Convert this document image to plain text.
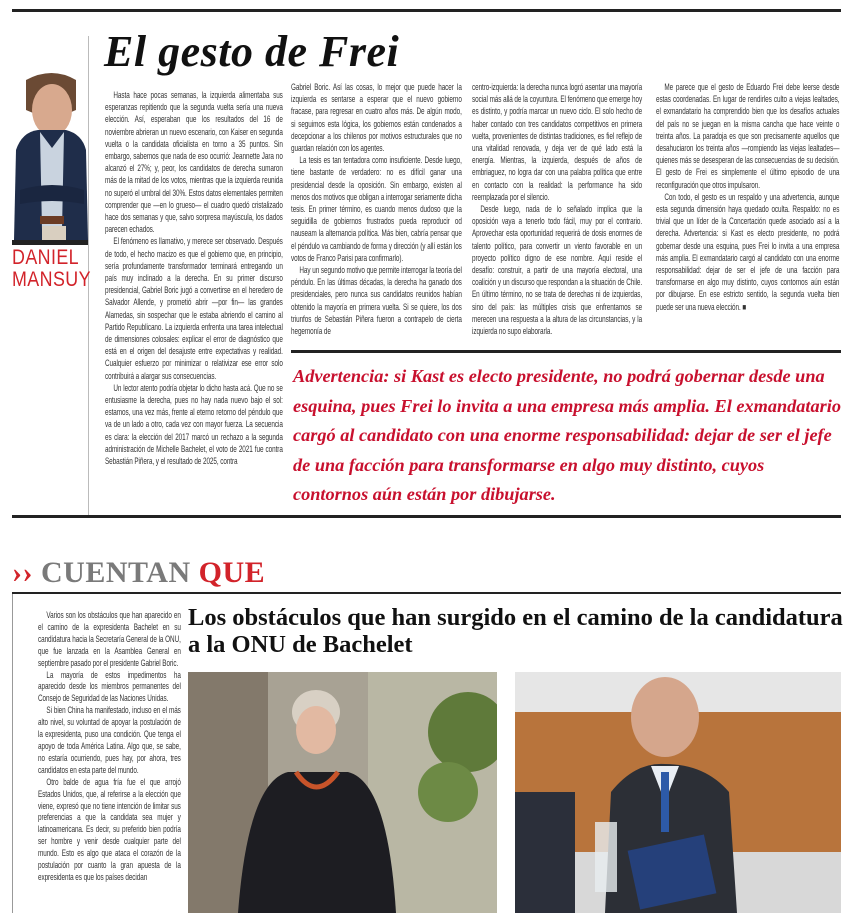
DANIEL
MANSUY
El gesto de Frei

Hasta hace pocas semanas, la izquierda alimentaba sus esperanzas repitiendo que la segunda vuelta sería una nueva elección. Así, esperaban que los resultados del 16 de noviembre abrieran un nuevo escenario, con Kaiser en segunda vuelta o la candidata oficialista en torno a 35 puntos. Sin embargo, sabemos que nada de eso ocurrió: Jeannette Jara no alcanzó el 27%; y, peor, los candidatos de derecha sumaron más de la mitad de los votos, mientras que la izquierda reunida no superó el umbral del 30%. Estos datos elementales permiten comprender que —en lo grueso— el cuadro quedó cristalizado hace dos semanas y que, salvo sorpresa mayúscula, los dados parecen echados.

El fenómeno es llamativo, y merece ser observado. Después de todo, el hecho macizo es que el gobierno que, en principio, sería profundamente transformador terminará entregando un país muy inclinado a la derecha. En su primer discurso presidencial, Gabriel Boric jugó a convertirse en el heredero de Salvador Allende, y prometió abrir —por fin— las grandes Alamedas, sin sospechar que le estaba abriendo el camino al Partido Republicano. La izquierda enfrenta una tarea intelectual de dimensiones colosales: explicar el error de diagnóstico que está en el origen del desajuste entre expectativas y realidad. Cualquier esfuerzo por minimizar o relativizar ese error solo contribuirá a alargar sus consecuencias.

Un lector atento podría objetar lo dicho hasta acá. Que no se entusiasme la derecha, pues no hay nada nuevo bajo el sol: estamos, una vez más, frente al eterno retorno del péndulo que va de un lado a otro, cada vez con mayor fuerza. La secuencia es clara: la elección del 2017 marcó un rechazo a la segunda administración de Michelle Bachelet, el voto de 2021 fue contra Sebastián Piñera, y el resultado de 2025, contra

Gabriel Boric. Así las cosas, lo mejor que puede hacer la izquierda es sentarse a esperar que el nuevo gobierno fracase, para regresar en cuatro años más. De algún modo, si seguimos esta lógica, los gobiernos están condenados a decepcionar a los chilenos por motivos estructurales que no guardan relación con los agentes.

La tesis es tan tentadora como insuficiente. Desde luego, tiene bastante de verdadero: no es difícil ganar una presidencial desde la oposición. Sin embargo, existen al menos dos motivos que obligan a interrogar seriamente dicha tesis. En primer término, es cuando menos dudoso que la seguidilla de gobiernos frustrados pueda reproducir od nauseam la alternancia política. Más bien, cabría pensar que el péndulo va cambiando de forma y dirección (y allí están los votos de Franco Parisi para confirmarlo).

Hay un segundo motivo que permite interrogar la teoría del péndulo. En las últimas décadas, la derecha ha ganado dos presidenciales, pero nunca sus candidatos reunidos habían obtenido la mayoría en primera vuelta. Si se quiere, los dos triunfos de Sebastián Piñera fueron a contrapelo de cierta hegemonía de

centro-izquierda: la derecha nunca logró asentar una mayoría social más allá de la coyuntura. El fenómeno que emerge hoy es distinto, y podría marcar un nuevo ciclo. El solo hecho de haber contado con tres candidatos competitivos en primera vuelta, provenientes de distintas tradiciones, es fiel reflejo de una vitalidad renovada, y deja ver de qué lado está la energía. Mientras, la izquierda, después de años de embriaguez, no logra dar con una palabra política que entre en contacto con la realidad: la performance ha sido reemplazada por el silencio.

Desde luego, nada de lo señalado implica que la oposición vaya a tenerlo todo fácil, muy por el contrario. Aprovechar esta oportunidad requerirá de dosis enormes de talento político, para convertir un viento favorable en un proyecto político digno de ese nombre. Aquí reside el desafío: construir, a partir de una mayoría electoral, una coalición y un discurso que respondan a la situación de Chile. En último término, no se trata de derechas ni de izquierdas, sino del país: las múltiples crisis que enfrentamos se merecen una respuesta a la altura de las circunstancias, y la izquierda no supo elaborarla.

Me parece que el gesto de Eduardo Frei debe leerse desde estas coordenadas. En lugar de rendirles culto a viejas lealtades, el exmandatario ha comprendido bien que los desafíos actuales del país no se juegan en la misma cancha que hace veinte o treinta años. La paradoja es que son precisamente aquellos que desahuciaron los treinta años —rompiendo las viejas lealtades— quienes más se desesperan de las consecuencias de su decisión. El gesto de Frei es simplemente el último episodio de una reconfiguración que otros impulsaron.

Con todo, el gesto es un respaldo y una advertencia, aunque esta segunda dimensión haya quedado oculta. Respaldo: no es trivial que un líder de la Concertación quede asociado así a la derecha. Advertencia: si Kast es electo presidente, no podrá gobernar desde una esquina, pues Frei lo invita a una empresa más amplia. El exmandatario cargó al candidato con una enorme responsabilidad: dejar de ser el jefe de una facción para transformarse en algo muy distinto, cuyos contornos aún están por dibujarse. En ese estricto sentido, la segunda vuelta bien puede ser una nueva elección. ■

Advertencia: si Kast es electo presidente, no podrá gobernar desde una esquina, pues Frei lo invita a una empresa más amplia. El exmandatario cargó al candidato con una enorme responsabilidad: dejar de ser el jefe de una facción para transformarse en algo muy distinto, cuyos contornos aún están por dibujarse.
›› CUENTAN QUE
Los obstáculos que han surgido en el camino de la candidatura a la ONU de Bachelet

Varios son los obstáculos que han aparecido en el camino de la expresidenta Bachelet en su candidatura hacia la Secretaría General de la ONU, que fue lanzada en la Asamblea General en septiembre pasado por el presidente Gabriel Boric.

La mayoría de estos impedimentos ha aparecido desde los miembros permanentes del Consejo de Seguridad de las Naciones Unidas.

Si bien China ha manifestado, incluso en el más alto nivel, su voluntad de apoyar la postulación de la expresidenta, puso una condición. Que tenga el apoyo de toda América Latina. Algo que, se sabe, no estaría ocurriendo, pues hay, por ahora, tres candidatos en esta parte del mundo.

Otro balde de agua fría fue el que arrojó Estados Unidos, que, al referirse a la elección que viene, expresó que no tiene intención de limitar sus preferencias a que la candidata sea mujer y latinoamericana. Es decir, su preferido bien podría ser hombre y venir desde cualquier parte del mundo. Esto es algo que ataca el corazón de la postulación por cuanto la gran apuesta de la expresidenta es que los países decidan
